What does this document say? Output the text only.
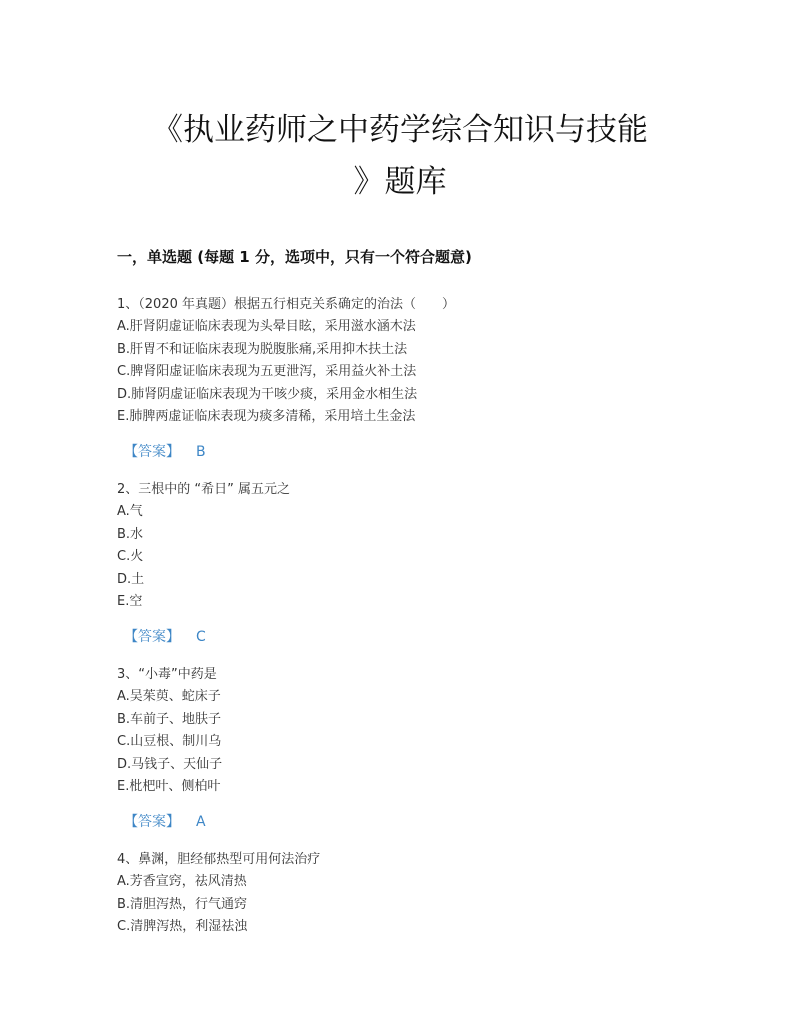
《执业药师之中药学综合知识与技能
》题库
一，单选题 (每题 1 分，选项中，只有一个符合题意)
1、（2020 年真题）根据五行相克关系确定的治法（　　）
A.肝肾阴虚证临床表现为头晕目眩，采用滋水涵木法
B.肝胃不和证临床表现为脱腹胀痛,采用抑木扶土法
C.脾肾阳虚证临床表现为五更泄泻，采用益火补土法
D.肺肾阴虚证临床表现为干咳少痰，采用金水相生法
E.肺脾两虚证临床表现为痰多清稀，采用培土生金法
【答案】 B
2、三根中的 “希日” 属五元之
A.气
B.水
C.火
D.土
E.空
【答案】 C
3、“小毒”中药是
A.吴茱萸、蛇床子
B.车前子、地肤子
C.山豆根、制川乌
D.马钱子、天仙子
E.枇杷叶、侧柏叶
【答案】 A
4、鼻渊，胆经郁热型可用何法治疗
A.芳香宣窍，祛风清热
B.清胆泻热，行气通窍
C.清脾泻热，利湿祛浊
